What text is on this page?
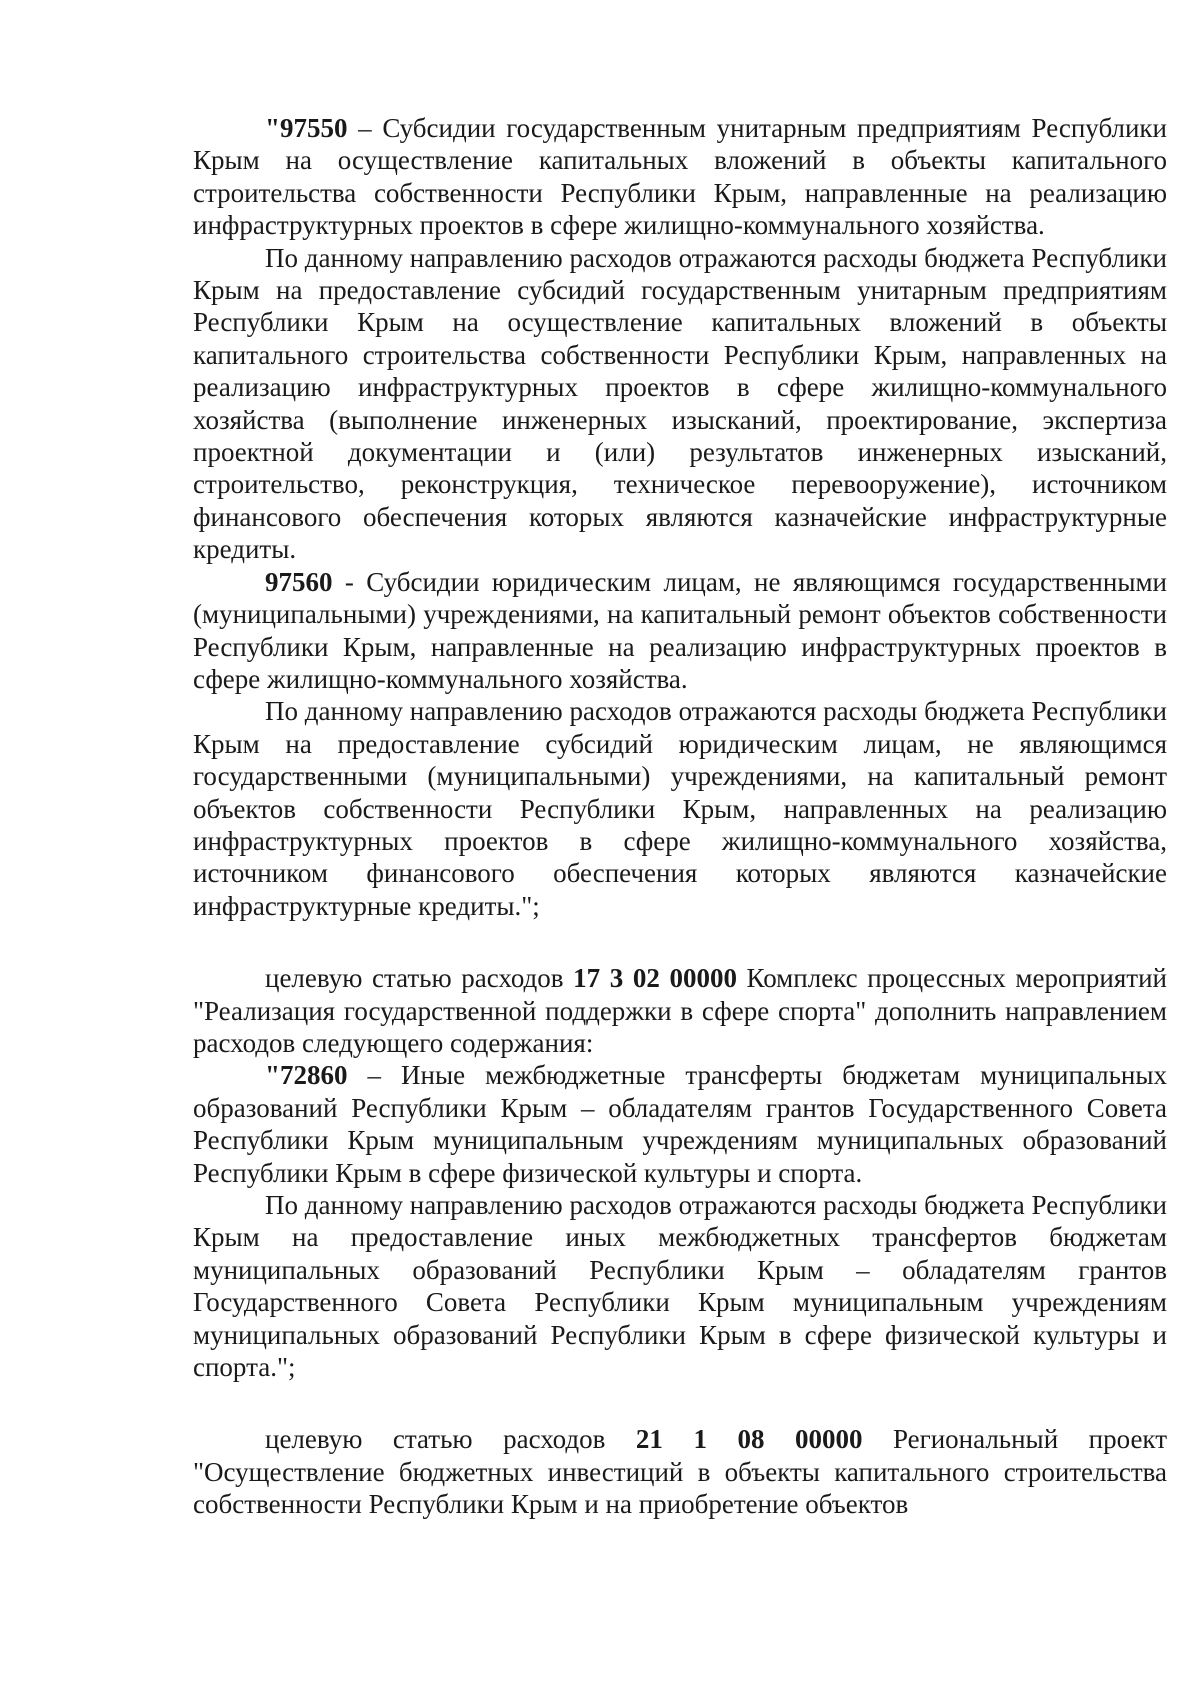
"97550 – Субсидии государственным унитарным предприятиям Республики Крым на осуществление капитальных вложений в объекты капитального строительства собственности Республики Крым, направленные на реализацию инфраструктурных проектов в сфере жилищно-коммунального хозяйства.

По данному направлению расходов отражаются расходы бюджета Республики Крым на предоставление субсидий государственным унитарным предприятиям Республики Крым на осуществление капитальных вложений в объекты капитального строительства собственности Республики Крым, направленных на реализацию инфраструктурных проектов в сфере жилищно-коммунального хозяйства (выполнение инженерных изысканий, проектирование, экспертиза проектной документации и (или) результатов инженерных изысканий, строительство, реконструкция, техническое перевооружение), источником финансового обеспечения которых являются казначейские инфраструктурные кредиты.

97560 - Субсидии юридическим лицам, не являющимся государственными (муниципальными) учреждениями, на капитальный ремонт объектов собственности Республики Крым, направленные на реализацию инфраструктурных проектов в сфере жилищно-коммунального хозяйства.

По данному направлению расходов отражаются расходы бюджета Республики Крым на предоставление субсидий юридическим лицам, не являющимся государственными (муниципальными) учреждениями, на капитальный ремонт объектов собственности Республики Крым, направленных на реализацию инфраструктурных проектов в сфере жилищно-коммунального хозяйства, источником финансового обеспечения которых являются казначейские инфраструктурные кредиты.";

целевую статью расходов 17 3 02 00000 Комплекс процессных мероприятий "Реализация государственной поддержки в сфере спорта" дополнить направлением расходов следующего содержания:

"72860 – Иные межбюджетные трансферты бюджетам муниципальных образований Республики Крым – обладателям грантов Государственного Совета Республики Крым муниципальным учреждениям муниципальных образований Республики Крым в сфере физической культуры и спорта.

По данному направлению расходов отражаются расходы бюджета Республики Крым на предоставление иных межбюджетных трансфертов бюджетам муниципальных образований Республики Крым – обладателям грантов Государственного Совета Республики Крым муниципальным учреждениям муниципальных образований Республики Крым в сфере физической культуры и спорта.";

целевую статью расходов 21 1 08 00000 Региональный проект "Осуществление бюджетных инвестиций в объекты капитального строительства собственности Республики Крым и на приобретение объектов
